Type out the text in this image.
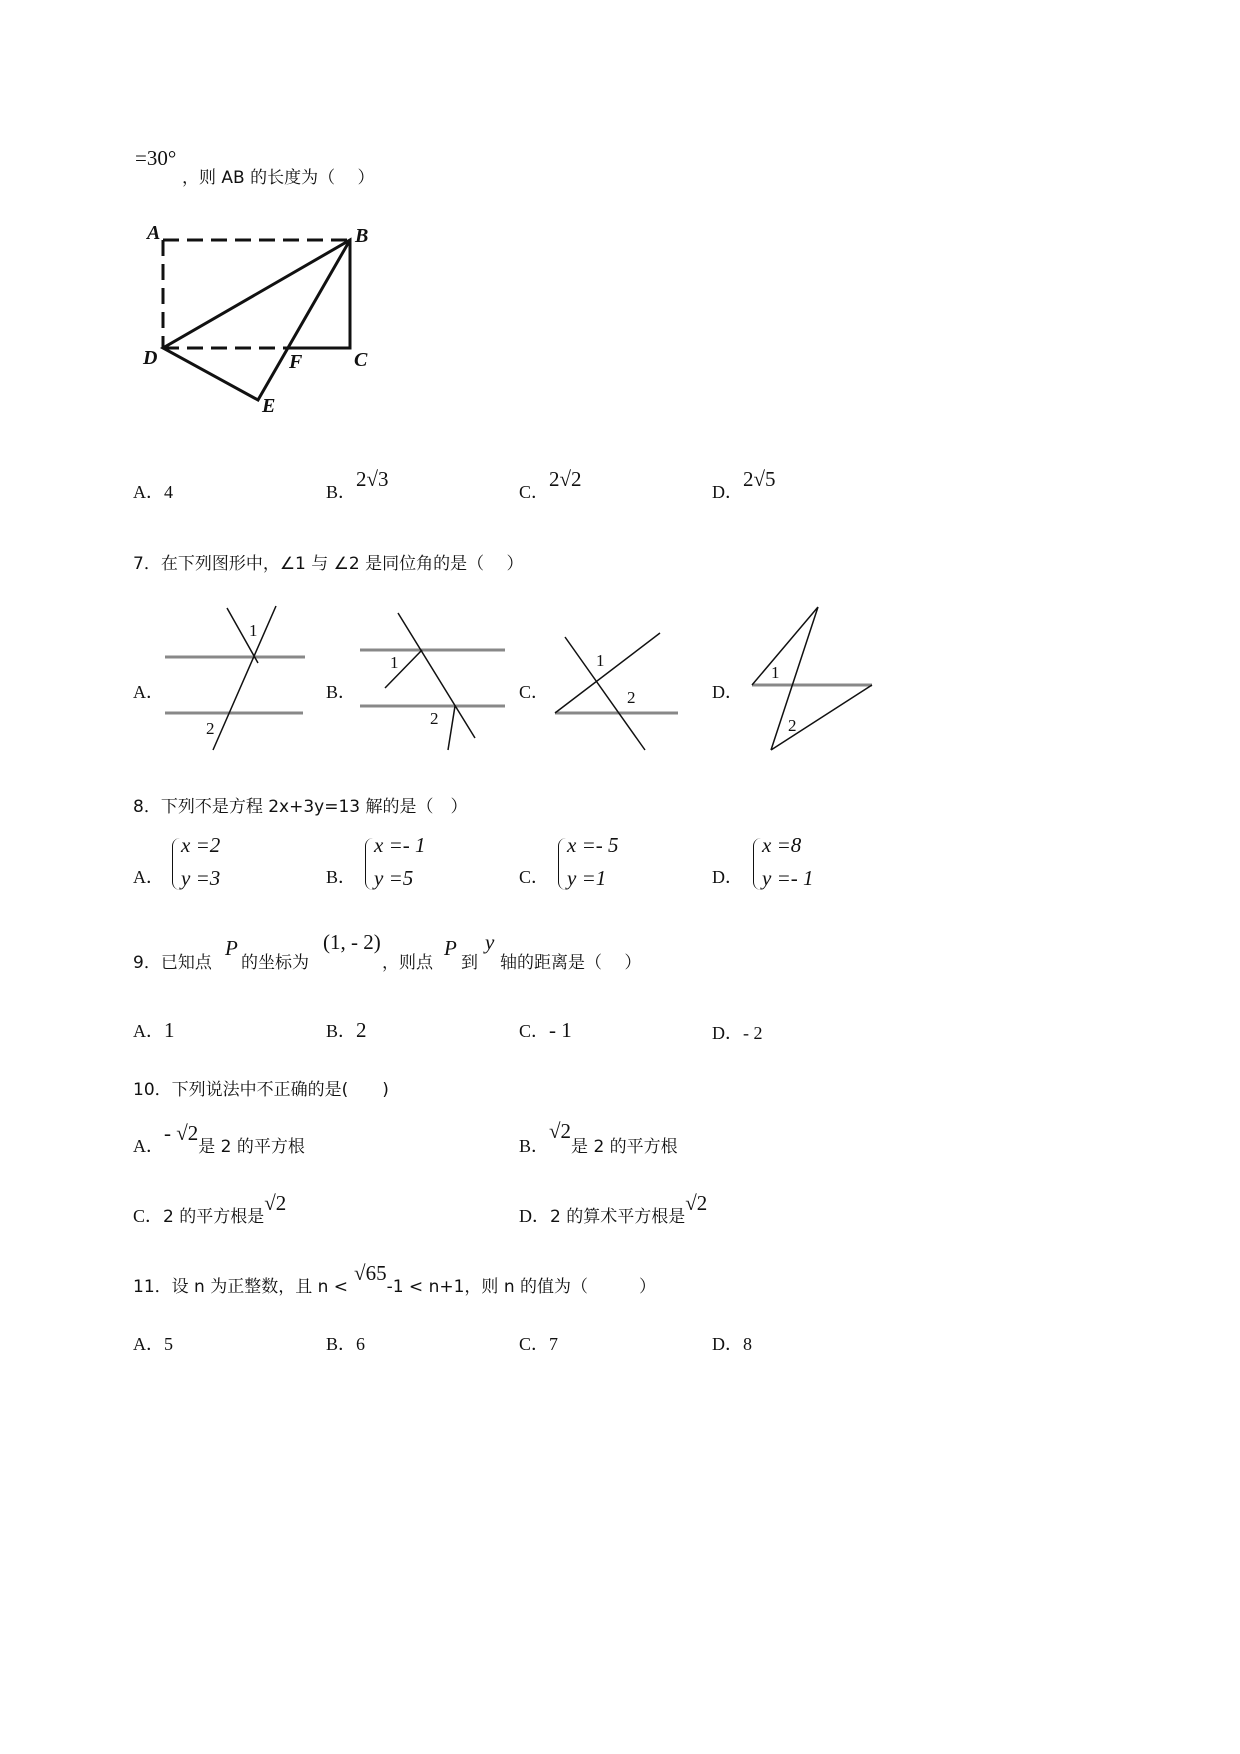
=30°
，则 AB 的长度为（　 ）
A	B
C
D
E
F
A．4	B．2√3
C．2√2
D．2√5
7．在下列图形中，∠1 与 ∠2 是同位角的是（　 ）
A．	B．	C．	D．
1
2
1
2
1
2
1
2
8．下列不是方程 2x+3y=13 解的是（　）
A．
x =2
y =3	B．
x =- 1
y =5	C．
x =- 5
y =1	D．
x =8
y =- 1
9．已知点
P
的坐标为
(1, - 2)
，则点
P
到
y
轴的距离是（　 ）
A．1	B．2	C．- 1	D．- 2
10．下列说法中不正确的是(　　)
A．- √2是 2 的平方根	B．√2是 2 的平方根
C．2 的平方根是√2
D．2 的算术平方根是√2
11．设 n 为正整数，且 n <√65-1 < n+1，则 n 的值为（　　　）
A．5	B．6	C．7	D．8
